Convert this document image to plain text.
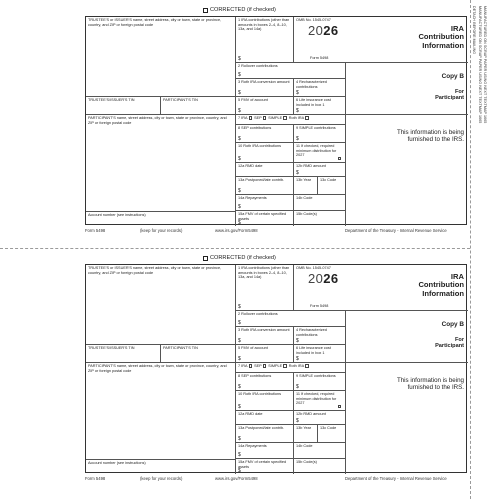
DETACH BEFORE MAILING MANUFACTURED ON SCRAP PAPER USING NEXT TEXTMAP 1665 MANUFACTURED ON SCRAP PAPER USING NEXT TEXTMAP 1665
CORRECTED (if checked)
TRUSTEE'S or ISSUER'S name, street address, city or town, state or province, country, and ZIP or foreign postal code
1 IRA contributions (other than amounts in boxes 2–4, 8–10, 13a, and 14a)
$
OMB No. 1545-0747
2026
Form 5498
IRA
Contribution
Information
2 Rollover contributions
$
3 Roth IRA conversion amount
$
4 Recharacterized contributions
$
Copy B
For
Participant
TRUSTEE'S/ISSUER'S TIN	PARTICIPANT'S TIN	5 FMV of account
$
6 Life insurance cost included in box 1
$
PARTICIPANT'S name, street address, city or town, state or province, country, and ZIP or foreign postal code
7 IRA SEP SIMPLE Roth IRA
8 SEP contributions
$
9 SIMPLE contributions
$
10 Roth IRA contributions
$
11 If checked, required minimum distribution for 2027
This information is being
furnished to the IRS.
12a RMD date	12b RMD amount
$
13a Postponed/late contrib.
$
13b Year	13c Code
14a Repayments
$
14b Code
Account number (see instructions)	15a FMV of certain specified assets
$
15b Code(s)
Form 5498	(keep for your records)	www.irs.gov/Form5498	Department of the Treasury - Internal Revenue Service
CORRECTED (if checked)
TRUSTEE'S or ISSUER'S name, street address, city or town, state or province, country, and ZIP or foreign postal code
1 IRA contributions (other than amounts in boxes 2–4, 8–10, 13a, and 14a)
$
OMB No. 1545-0747
2026
Form 5498
IRA
Contribution
Information
2 Rollover contributions
$
3 Roth IRA conversion amount
$
4 Recharacterized contributions
$
Copy B
For
Participant
TRUSTEE'S/ISSUER'S TIN	PARTICIPANT'S TIN	5 FMV of account
$
6 Life insurance cost included in box 1
$
PARTICIPANT'S name, street address, city or town, state or province, country, and ZIP or foreign postal code
7 IRA SEP SIMPLE Roth IRA
8 SEP contributions
$
9 SIMPLE contributions
$
10 Roth IRA contributions
$
11 If checked, required minimum distribution for 2027
This information is being
furnished to the IRS.
12a RMD date	12b RMD amount
$
13a Postponed/late contrib.
$
13b Year	13c Code
14a Repayments
$
14b Code
Account number (see instructions)	15a FMV of certain specified assets
$
15b Code(s)
Form 5498	(keep for your records)	www.irs.gov/Form5498	Department of the Treasury - Internal Revenue Service
